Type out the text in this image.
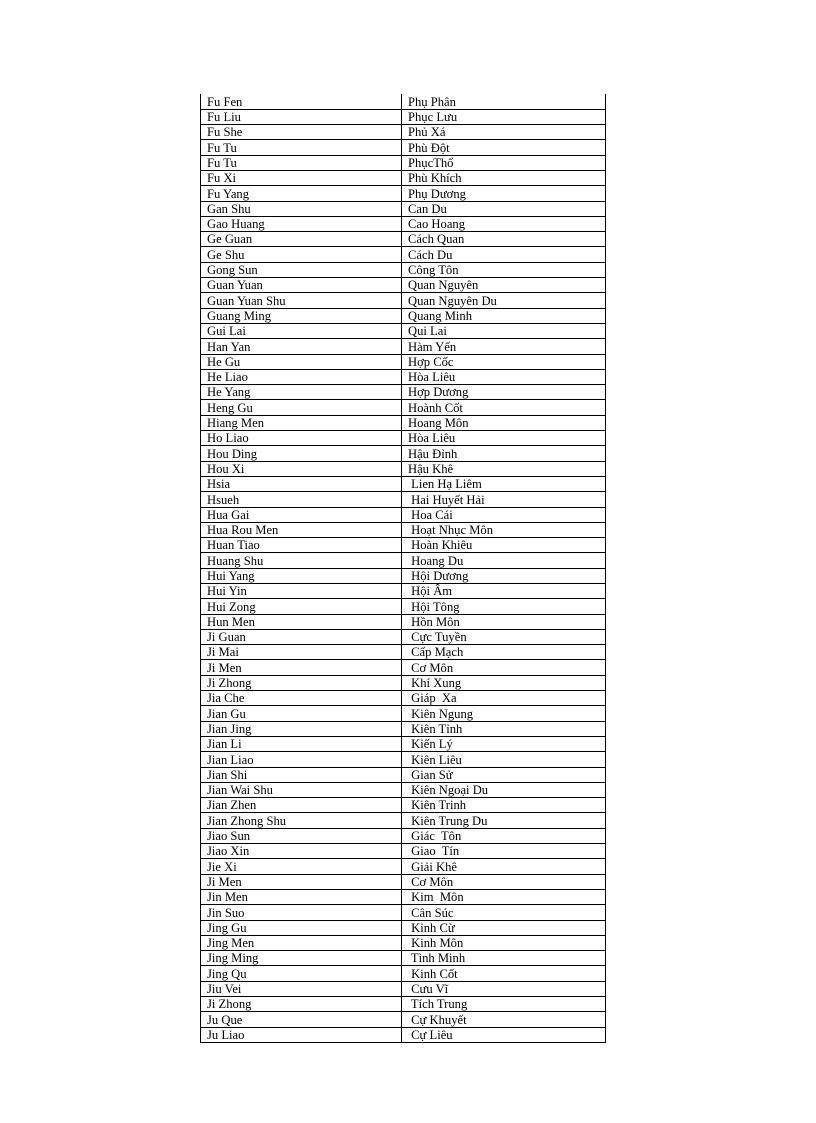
Fu Fen	Phụ Phân
Fu Liu	Phục Lưu
Fu She	Phủ Xá
Fu Tu	Phù Đột
Fu Tu	PhụcThổ
Fu Xi	Phù Khích
Fu Yang	Phụ Dương
Gan Shu	Can Du
Gao Huang	Cao Hoang
Ge Guan	Cách Quan
Ge Shu	Cách Du
Gong Sun	Công Tôn
Guan Yuan	Quan Nguyên
Guan Yuan Shu	Quan Nguyên Du
Guang Ming	Quang Minh
Gui Lai	Qui Lai
Han Yan	Hàm Yến
He Gu	Hợp Cốc
He Liao	Hòa Liêu
He Yang	Hợp Dương
Heng Gu	Hoành Cốt
Hiang Men	Hoang Môn
Ho Liao	Hòa Liêu
Hou Ding	Hậu Đỉnh
Hou Xi	Hậu Khê
Hsia	Lien Hạ Liêm
Hsueh	Hai Huyết Hải
Hua Gai	Hoa Cái
Hua Rou Men	Hoạt Nhục Môn
Huan Tiao	Hoàn Khiêu
Huang Shu	Hoang Du
Hui Yang	Hội Dương
Hui Yin	Hội Âm
Hui Zong	Hội Tông
Hun Men	Hồn Môn
Ji Guan	Cực Tuyền
Ji Mai	Cấp Mạch
Ji Men	Cơ Môn
Ji Zhong	Khí Xung
Jia Che	Giáp  Xa
Jian Gu	Kiên Ngung
Jian Jing	Kiên Tỉnh
Jian Li	Kiến Lý
Jian Liao	Kiên Liêu
Jian Shi	Gian Sử
Jian Wai Shu	Kiên Ngoại Du
Jian Zhen	Kiên Trinh
Jian Zhong Shu	Kiên Trung Du
Jiao Sun	Giác  Tôn
Jiao Xin	Giao  Tín
Jie Xi	Giải Khê
Ji Men	Cơ Môn
Jin Men	Kim  Môn
Jin Suo	Cân Súc
Jing Gu	Kinh Cừ
Jing Men	Kinh Môn
Jing Ming	Tình Minh
Jing Qu	Kinh Cốt
Jiu Vei	Cưu Vĩ
Ji Zhong	Tích Trung
Ju Que	Cự Khuyết
Ju Liao	Cự Liêu
